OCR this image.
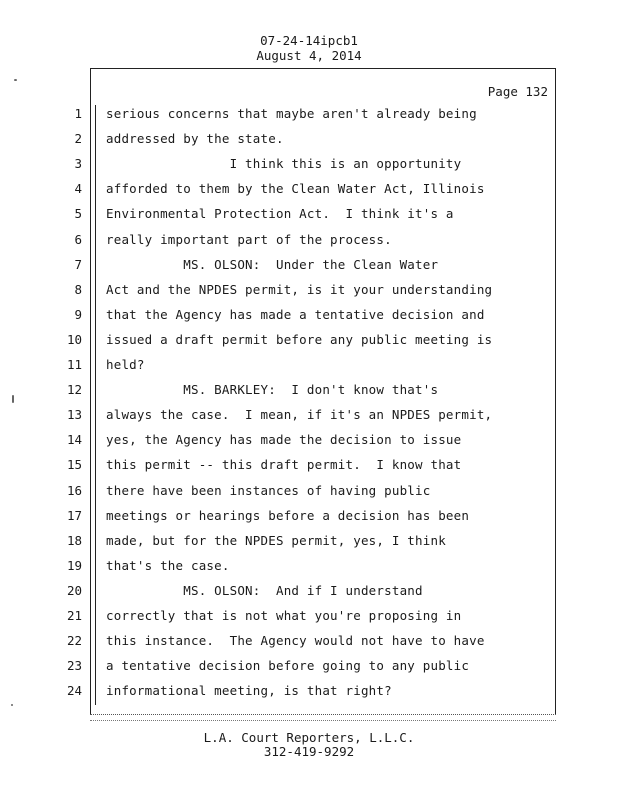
07-24-14ipcb1
August 4, 2014
Page 132
1 serious concerns that maybe aren't already being
2 addressed by the state.
3 I think this is an opportunity
4 afforded to them by the Clean Water Act, Illinois
5 Environmental Protection Act.  I think it's a
6 really important part of the process.
7 MS. OLSON:  Under the Clean Water
8 Act and the NPDES permit, is it your understanding
9 that the Agency has made a tentative decision and
10 issued a draft permit before any public meeting is
11 held?
12 MS. BARKLEY:  I don't know that's
13 always the case.  I mean, if it's an NPDES permit,
14 yes, the Agency has made the decision to issue
15 this permit -- this draft permit.  I know that
16 there have been instances of having public
17 meetings or hearings before a decision has been
18 made, but for the NPDES permit, yes, I think
19 that's the case.
20 MS. OLSON:  And if I understand
21 correctly that is not what you're proposing in
22 this instance.  The Agency would not have to have
23 a tentative decision before going to any public
24 informational meeting, is that right?
L.A. Court Reporters, L.L.C.
312-419-9292
